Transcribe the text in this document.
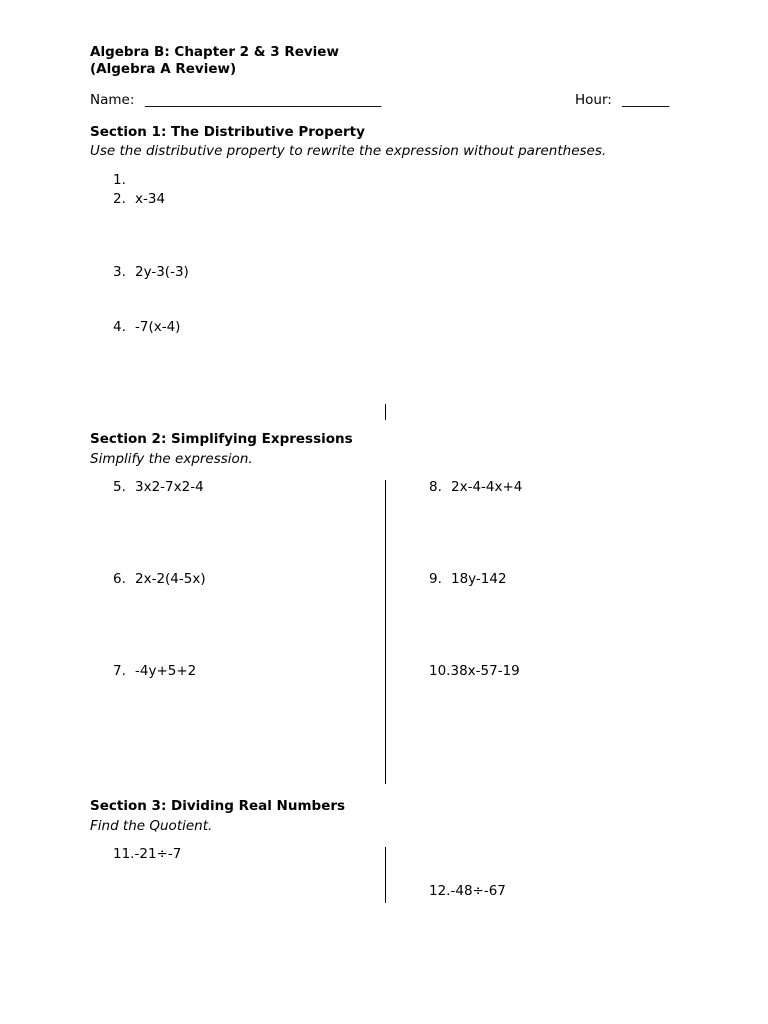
Algebra B: Chapter 2 & 3 Review
(Algebra A Review)
Name: ___________________________________	Hour: _______
Section 1: The Distributive Property
Use the distributive property to rewrite the expression without parentheses.
1.
2. x-34
3. 2y-3(-3)
4. -7(x-4)
Section 2: Simplifying Expressions
Simplify the expression.
5. 3x2-7x2-4
6. 2x-2(4-5x)
7. -4y+5+2
8. 2x-4-4x+4
9. 18y-142
10.38x-57-19
Section 3: Dividing Real Numbers
Find the Quotient.
11.-21÷-7
12.-48÷-67
